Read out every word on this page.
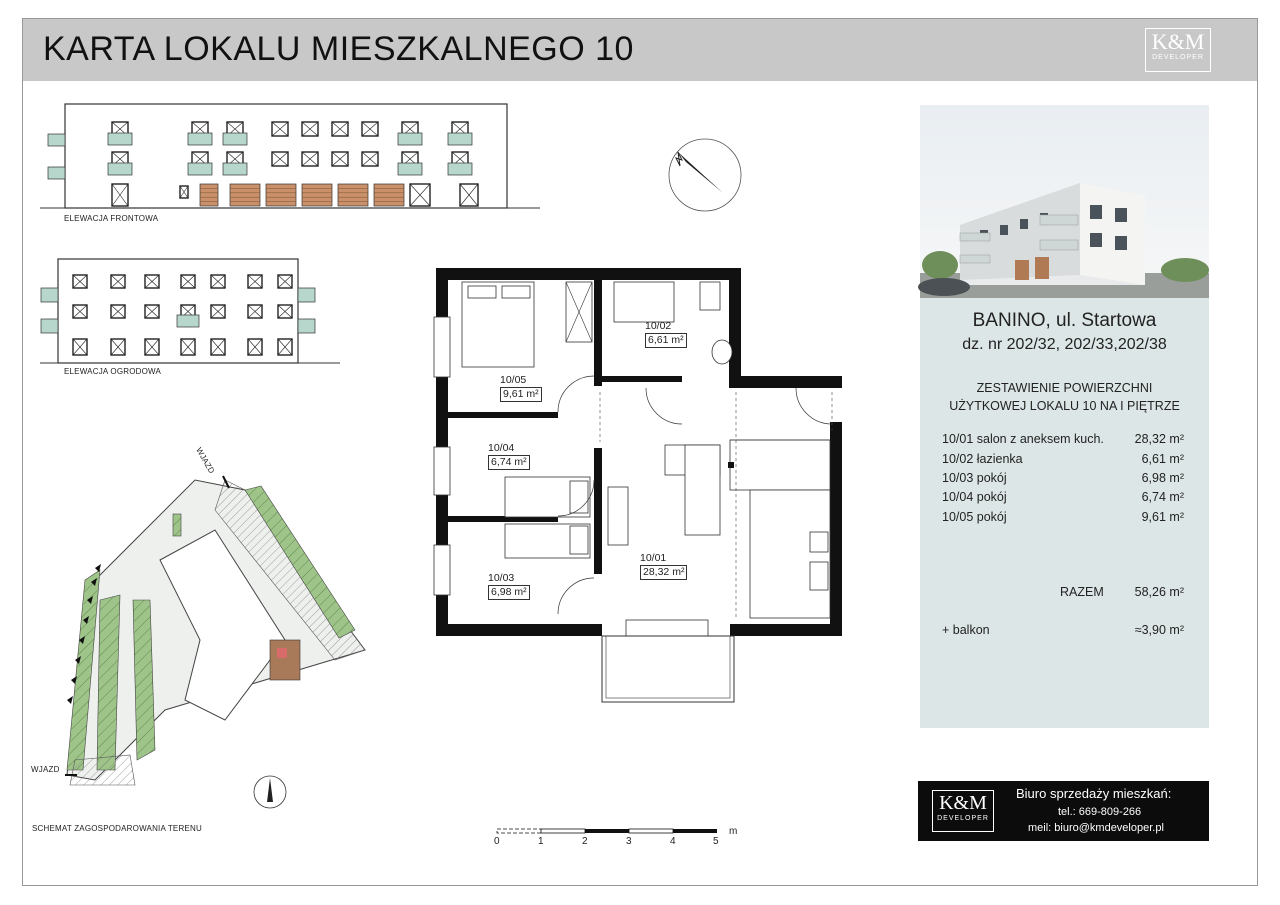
KARTA LOKALU MIESZKALNEGO 10	K&M
DEVELOPER
ELEWACJA FRONTOWA
ELEWACJA OGRODOWA
WJAZD
WJAZD
SCHEMAT ZAGOSPODAROWANIA TERENU
10/05
9,61 m²
10/02
6,61 m²
10/04
6,74 m²
10/03
6,98 m²
10/01
28,32 m²
0	1	2	3	4	5
m
BANINO, ul. Startowa
dz. nr 202/32, 202/33,202/38
ZESTAWIENIE POWIERZCHNI
UŻYTKOWEJ LOKALU 10 NA I PIĘTRZE
10/01 salon z aneksem kuch. 28,32 m²
10/02 łazienka	6,61 m²
10/03 pokój	6,98 m²
10/04 pokój	6,74 m²
10/05 pokój	9,61 m²
RAZEM 58,26 m²
+ balkon	≈3,90 m²
K&M
DEVELOPER
Biuro sprzedaży mieszkań:
tel.: 669-809-266
meil: biuro@kmdeveloper.pl
